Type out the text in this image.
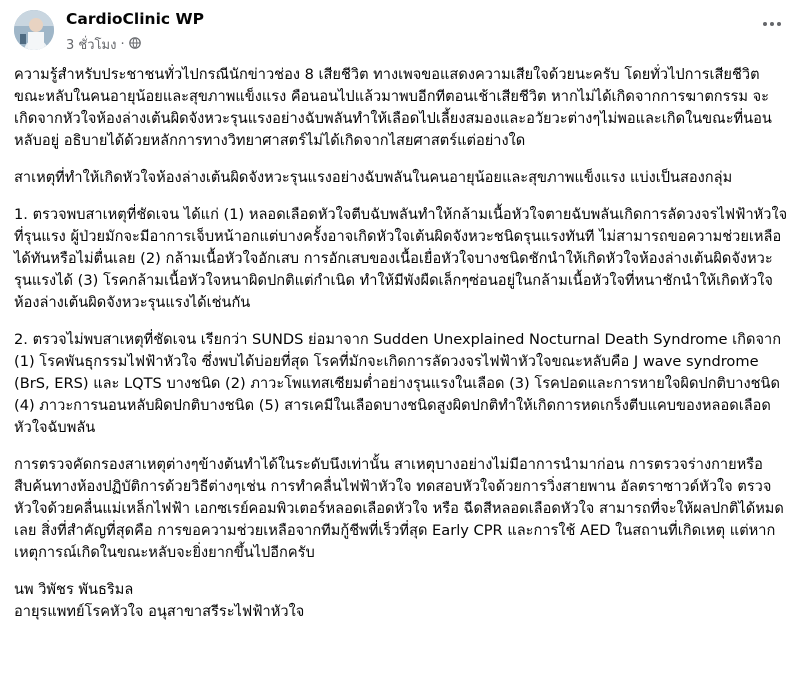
CardioClinic WP
3 ชั่วโมง ·

ความรู้สำหรับประชาชนทั่วไปกรณีนักข่าวช่อง 8 เสียชีวิต ทางเพจขอแสดงความเสียใจด้วยนะครับ โดยทั่วไปการเสียชีวิตขณะหลับในคนอายุน้อยและสุขภาพแข็งแรง คือนอนไปแล้วมาพบอีกทีตอนเช้าเสียชีวิต หากไม่ได้เกิดจากการฆาตกรรม จะเกิดจากหัวใจห้องล่างเต้นผิดจังหวะรุนแรงอย่างฉับพลันทำให้เลือดไปเลี้ยงสมองและอวัยวะต่างๆไม่พอและเกิดในขณะที่นอนหลับอยู่ อธิบายได้ด้วยหลักการทางวิทยาศาสตร์ไม่ได้เกิดจากไสยศาสตร์แต่อย่างใด

สาเหตุที่ทำให้เกิดหัวใจห้องล่างเต้นผิดจังหวะรุนแรงอย่างฉับพลันในคนอายุน้อยและสุขภาพแข็งแรง แบ่งเป็นสองกลุ่ม

1. ตรวจพบสาเหตุที่ชัดเจน ได้แก่ (1) หลอดเลือดหัวใจตีบฉับพลันทำให้กล้ามเนื้อหัวใจตายฉับพลันเกิดการลัดวงจรไฟฟ้าหัวใจที่รุนแรง ผู้ป่วยมักจะมีอาการเจ็บหน้าอกแต่บางครั้งอาจเกิดหัวใจเต้นผิดจังหวะชนิดรุนแรงทันที ไม่สามารถขอความช่วยเหลือได้ทันหรือไม่ตื่นเลย (2) กล้ามเนื้อหัวใจอักเสบ การอักเสบของเนื้อเยื่อหัวใจบางชนิดชักนำให้เกิดหัวใจห้องล่างเต้นผิดจังหวะรุนแรงได้ (3) โรคกล้ามเนื้อหัวใจหนาผิดปกติแต่กำเนิด ทำให้มีพังผืดเล็กๆซ่อนอยู่ในกล้ามเนื้อหัวใจที่หนาชักนำให้เกิดหัวใจห้องล่างเต้นผิดจังหวะรุนแรงได้เช่นกัน

2. ตรวจไม่พบสาเหตุที่ชัดเจน เรียกว่า SUNDS ย่อมาจาก Sudden Unexplained Nocturnal Death Syndrome เกิดจาก (1) โรคพันธุกรรมไฟฟ้าหัวใจ ซึ่งพบได้บ่อยที่สุด โรคที่มักจะเกิดการลัดวงจรไฟฟ้าหัวใจขณะหลับคือ J wave syndrome (BrS, ERS) และ LQTS บางชนิด (2) ภาวะโพแทสเซียมต่ำอย่างรุนแรงในเลือด (3) โรคปอดและการหายใจผิดปกติบางชนิด (4) ภาวะการนอนหลับผิดปกติบางชนิด (5) สารเคมีในเลือดบางชนิดสูงผิดปกติทำให้เกิดการหดเกร็งตีบแคบของหลอดเลือดหัวใจฉับพลัน

การตรวจคัดกรองสาเหตุต่างๆข้างต้นทำได้ในระดับนึงเท่านั้น สาเหตุบางอย่างไม่มีอาการนำมาก่อน การตรวจร่างกายหรือสืบค้นทางห้องปฏิบัติการด้วยวิธีต่างๆเช่น การทำคลื่นไฟฟ้าหัวใจ ทดสอบหัวใจด้วยการวิ่งสายพาน อัลตราซาวด์หัวใจ ตรวจหัวใจด้วยคลื่นแม่เหล็กไฟฟ้า เอกซเรย์คอมพิวเตอร์หลอดเลือดหัวใจ หรือ ฉีดสีหลอดเลือดหัวใจ สามารถที่จะให้ผลปกติได้หมดเลย สิ่งที่สำคัญที่สุดคือ การขอความช่วยเหลือจากทีมกู้ชีพที่เร็วที่สุด Early CPR และการใช้ AED ในสถานที่เกิดเหตุ แต่หากเหตุการณ์เกิดในขณะหลับจะยิ่งยากขึ้นไปอีกครับ

นพ วิพัชร พันธริมล
อายุรแพทย์โรคหัวใจ อนุสาขาสรีระไฟฟ้าหัวใจ
